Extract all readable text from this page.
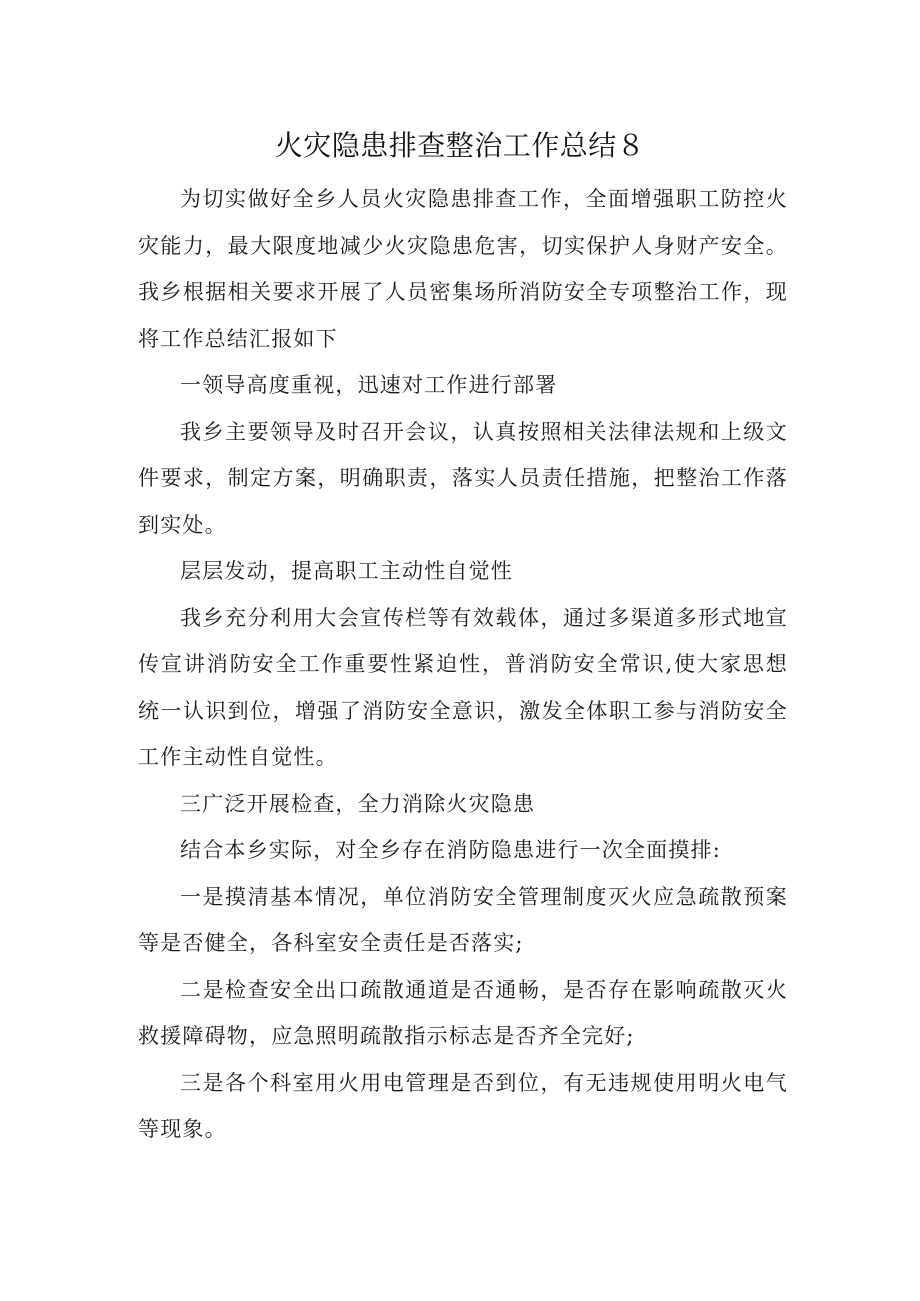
火灾隐患排查整治工作总结８

为切实做好全乡人员火灾隐患排查工作，全面增强职工防控火灾能力，最大限度地减少火灾隐患危害，切实保护人身财产安全。我乡根据相关要求开展了人员密集场所消防安全专项整治工作，现将工作总结汇报如下

一领导高度重视，迅速对工作进行部署

我乡主要领导及时召开会议，认真按照相关法律法规和上级文件要求，制定方案，明确职责，落实人员责任措施，把整治工作落到实处。

层层发动，提高职工主动性自觉性

我乡充分利用大会宣传栏等有效载体，通过多渠道多形式地宣传宣讲消防安全工作重要性紧迫性，普消防安全常识,使大家思想统一认识到位，增强了消防安全意识，激发全体职工参与消防安全工作主动性自觉性。

三广泛开展检查，全力消除火灾隐患

结合本乡实际，对全乡存在消防隐患进行一次全面摸排:

一是摸清基本情况，单位消防安全管理制度灭火应急疏散预案等是否健全，各科室安全责任是否落实;

二是检查安全出口疏散通道是否通畅，是否存在影响疏散灭火救援障碍物，应急照明疏散指示标志是否齐全完好;

三是各个科室用火用电管理是否到位，有无违规使用明火电气等现象。
